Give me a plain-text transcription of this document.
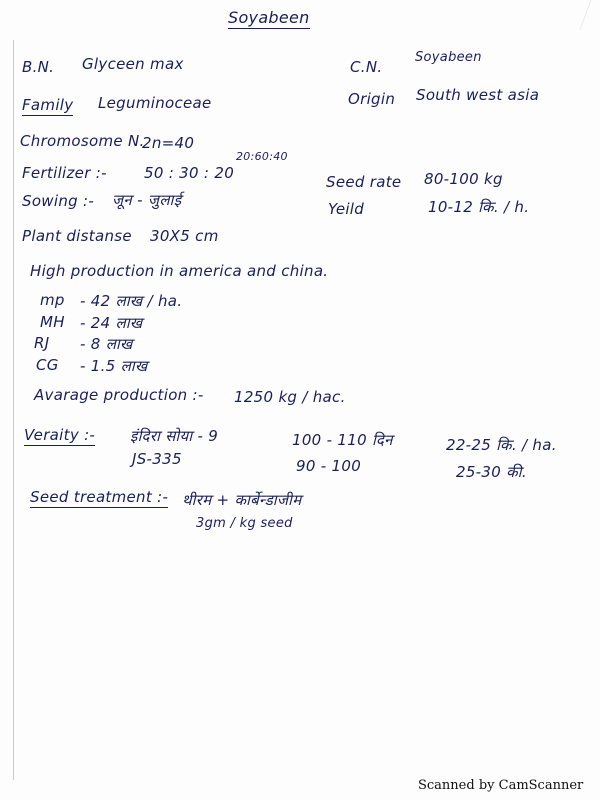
Soyabeen
B.N. Glyceen max	C.N.
Soyabeen
Family Leguminoceae	Origin South west asia
Chromosome N.
2n=40
20:60:40
Fertilizer :- 50 : 30 : 20	Seed rate 80-100 kg
Sowing :- जून - जुलाई	Yeild	10-12 कि. / h.
Plant distanse 30X5 cm
High production in america and china.
mp - 42 लाख / ha.
MH - 24 लाख
RJ - 8 लाख
CG - 1.5 लाख
Avarage production :- 1250 kg / hac.
Veraity :- इंदिरा सोया - 9	100 - 110 दिन	22-25 कि. / ha.
JS-335	90 - 100	25-30 की.
Seed treatment :- थीरम + कार्बेन्डाजीम
3gm / kg seed
Scanned by CamScanner
